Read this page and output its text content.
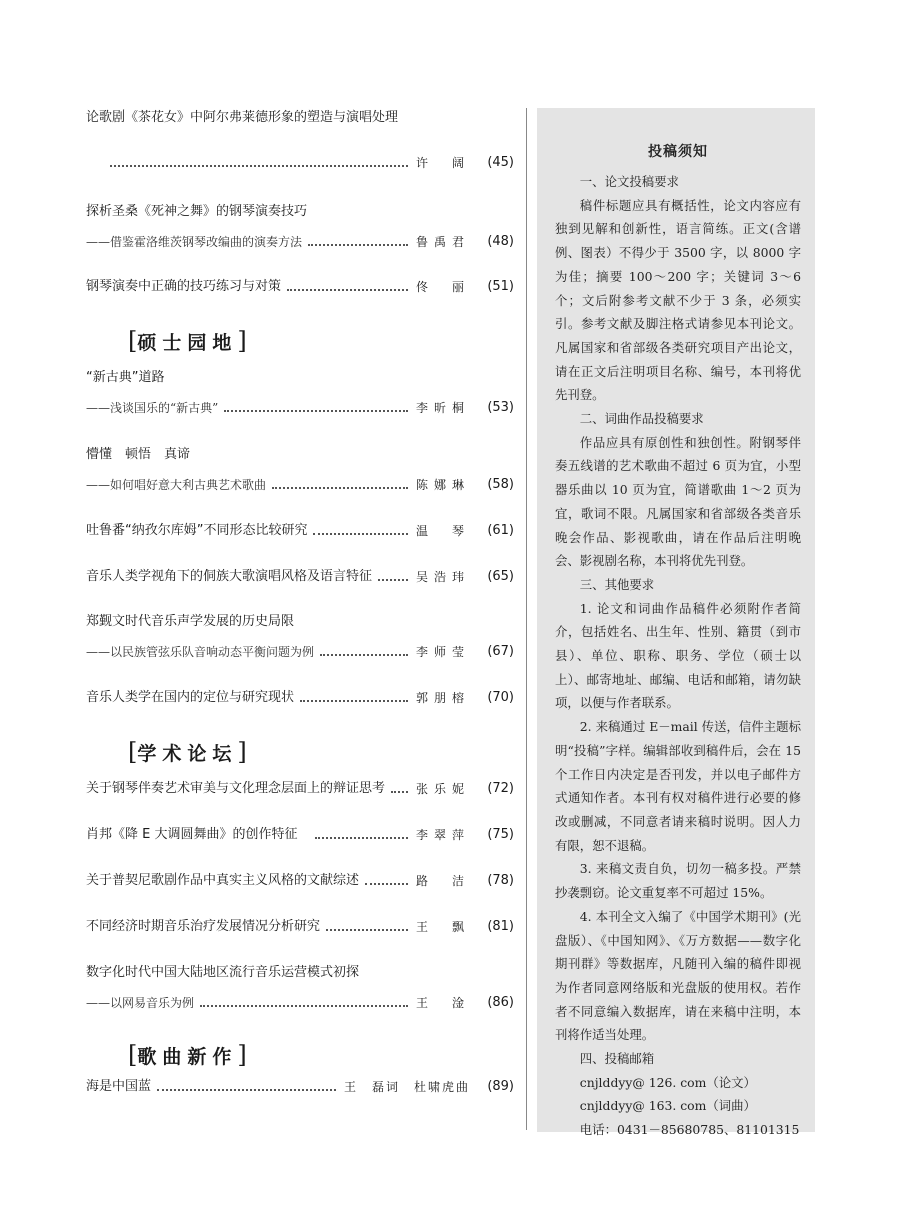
论歌剧《茶花女》中阿尔弗莱德形象的塑造与演唱处理
许　阔	(45)
探析圣桑《死神之舞》的钢琴演奏技巧
——借鉴霍洛维茨钢琴改编曲的演奏方法	鲁禹君	(48)
钢琴演奏中正确的技巧练习与对策	佟　丽	(51)
[硕士园地]
“新古典”道路
——浅谈国乐的“新古典”	李昕桐	(53)
懵懂　顿悟　真谛
——如何唱好意大利古典艺术歌曲	陈娜琳	(58)
吐鲁番“纳孜尔库姆”不同形态比较研究	温　琴	(61)
音乐人类学视角下的侗族大歌演唱风格及语言特征	吴浩玮	(65)
郑觐文时代音乐声学发展的历史局限
——以民族管弦乐队音响动态平衡问题为例	李师莹	(67)
音乐人类学在国内的定位与研究现状	郭朋榕	(70)
[学术论坛]
关于钢琴伴奏艺术审美与文化理念层面上的辩证思考	张乐妮	(72)
肖邦《降 E 大调圆舞曲》的创作特征	李翠萍	(75)
关于普契尼歌剧作品中真实主义风格的文献综述	路　洁	(78)
不同经济时期音乐治疗发展情况分析研究	王　飘	(81)
数字化时代中国大陆地区流行音乐运营模式初探
——以网易音乐为例	王　淦	(86)
[歌曲新作]
海是中国蓝	王　磊词　杜啸虎曲	(89)
投稿须知

一、论文投稿要求

稿件标题应具有概括性，论文内容应有独到见解和创新性，语言简练。正文(含谱例、图表）不得少于 3500 字，以 8000 字为佳；摘要 100～200 字；关键词 3～6 个；文后附参考文献不少于 3 条，必须实引。参考文献及脚注格式请参见本刊论文。凡属国家和省部级各类研究项目产出论文，请在正文后注明项目名称、编号，本刊将优先刊登。

二、词曲作品投稿要求

作品应具有原创性和独创性。附钢琴伴奏五线谱的艺术歌曲不超过 6 页为宜，小型器乐曲以 10 页为宜，简谱歌曲 1～2 页为宜，歌词不限。凡属国家和省部级各类音乐晚会作品、影视歌曲，请在作品后注明晚会、影视剧名称，本刊将优先刊登。

三、其他要求

1. 论文和词曲作品稿件必须附作者简介，包括姓名、出生年、性别、籍贯（到市县）、单位、职称、职务、学位（硕士以上）、邮寄地址、邮编、电话和邮箱，请勿缺项，以便与作者联系。

2. 来稿通过 E－mail 传送，信件主题标明“投稿”字样。编辑部收到稿件后，会在 15 个工作日内决定是否刊发，并以电子邮件方式通知作者。本刊有权对稿件进行必要的修改或删减，不同意者请来稿时说明。因人力有限，恕不退稿。

3. 来稿文责自负，切勿一稿多投。严禁抄袭剽窃。论文重复率不可超过 15%。

4. 本刊全文入编了《中国学术期刊》(光盘版）、《中国知网》、《万方数据——数字化期刊群》等数据库，凡随刊入编的稿件即视为作者同意网络版和光盘版的使用权。若作者不同意编入数据库，请在来稿中注明，本刊将作适当处理。

四、投稿邮箱

cnjlddyy@ 126. com（论文）
cnjlddyy@ 163. com（词曲）
电话：0431－85680785、81101315
